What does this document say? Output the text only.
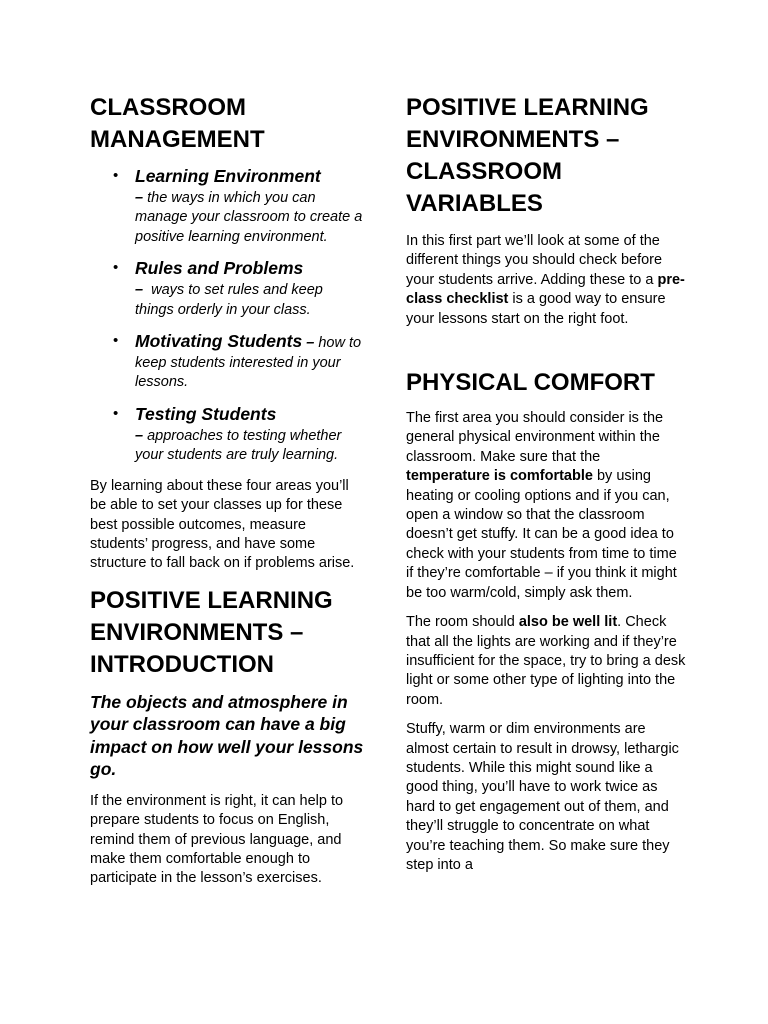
CLASSROOM
MANAGEMENT
• Learning Environment
– the ways in which you can manage your classroom to create a positive learning environment.
• Rules and Problems
– ways to set rules and keep things orderly in your class.
• Motivating Students – how to keep students interested in your lessons.
• Testing Students
– approaches to testing whether your students are truly learning.

By learning about these four areas you’ll be able to set your classes up for these best possible outcomes, measure students’ progress, and have some structure to fall back on if problems arise.

POSITIVE LEARNING
ENVIRONMENTS –
INTRODUCTION

The objects and atmosphere in your classroom can have a big impact on how well your lessons go.

If the environment is right, it can help to prepare students to focus on English, remind them of previous language, and make them comfortable enough to participate in the lesson’s exercises.

POSITIVE LEARNING
ENVIRONMENTS –
CLASSROOM
VARIABLES

In this first part we’ll look at some of the different things you should check before your students arrive. Adding these to a pre-class checklist is a good way to ensure your lessons start on the right foot.

PHYSICAL COMFORT

The first area you should consider is the general physical environment within the classroom. Make sure that the temperature is comfortable by using heating or cooling options and if you can, open a window so that the classroom doesn’t get stuffy. It can be a good idea to check with your students from time to time if they’re comfortable – if you think it might be too warm/cold, simply ask them.

The room should also be well lit. Check that all the lights are working and if they’re insufficient for the space, try to bring a desk light or some other type of lighting into the room.

Stuffy, warm or dim environments are almost certain to result in drowsy, lethargic students. While this might sound like a good thing, you’ll have to work twice as hard to get engagement out of them, and they’ll struggle to concentrate on what you’re teaching them. So make sure they step into a
